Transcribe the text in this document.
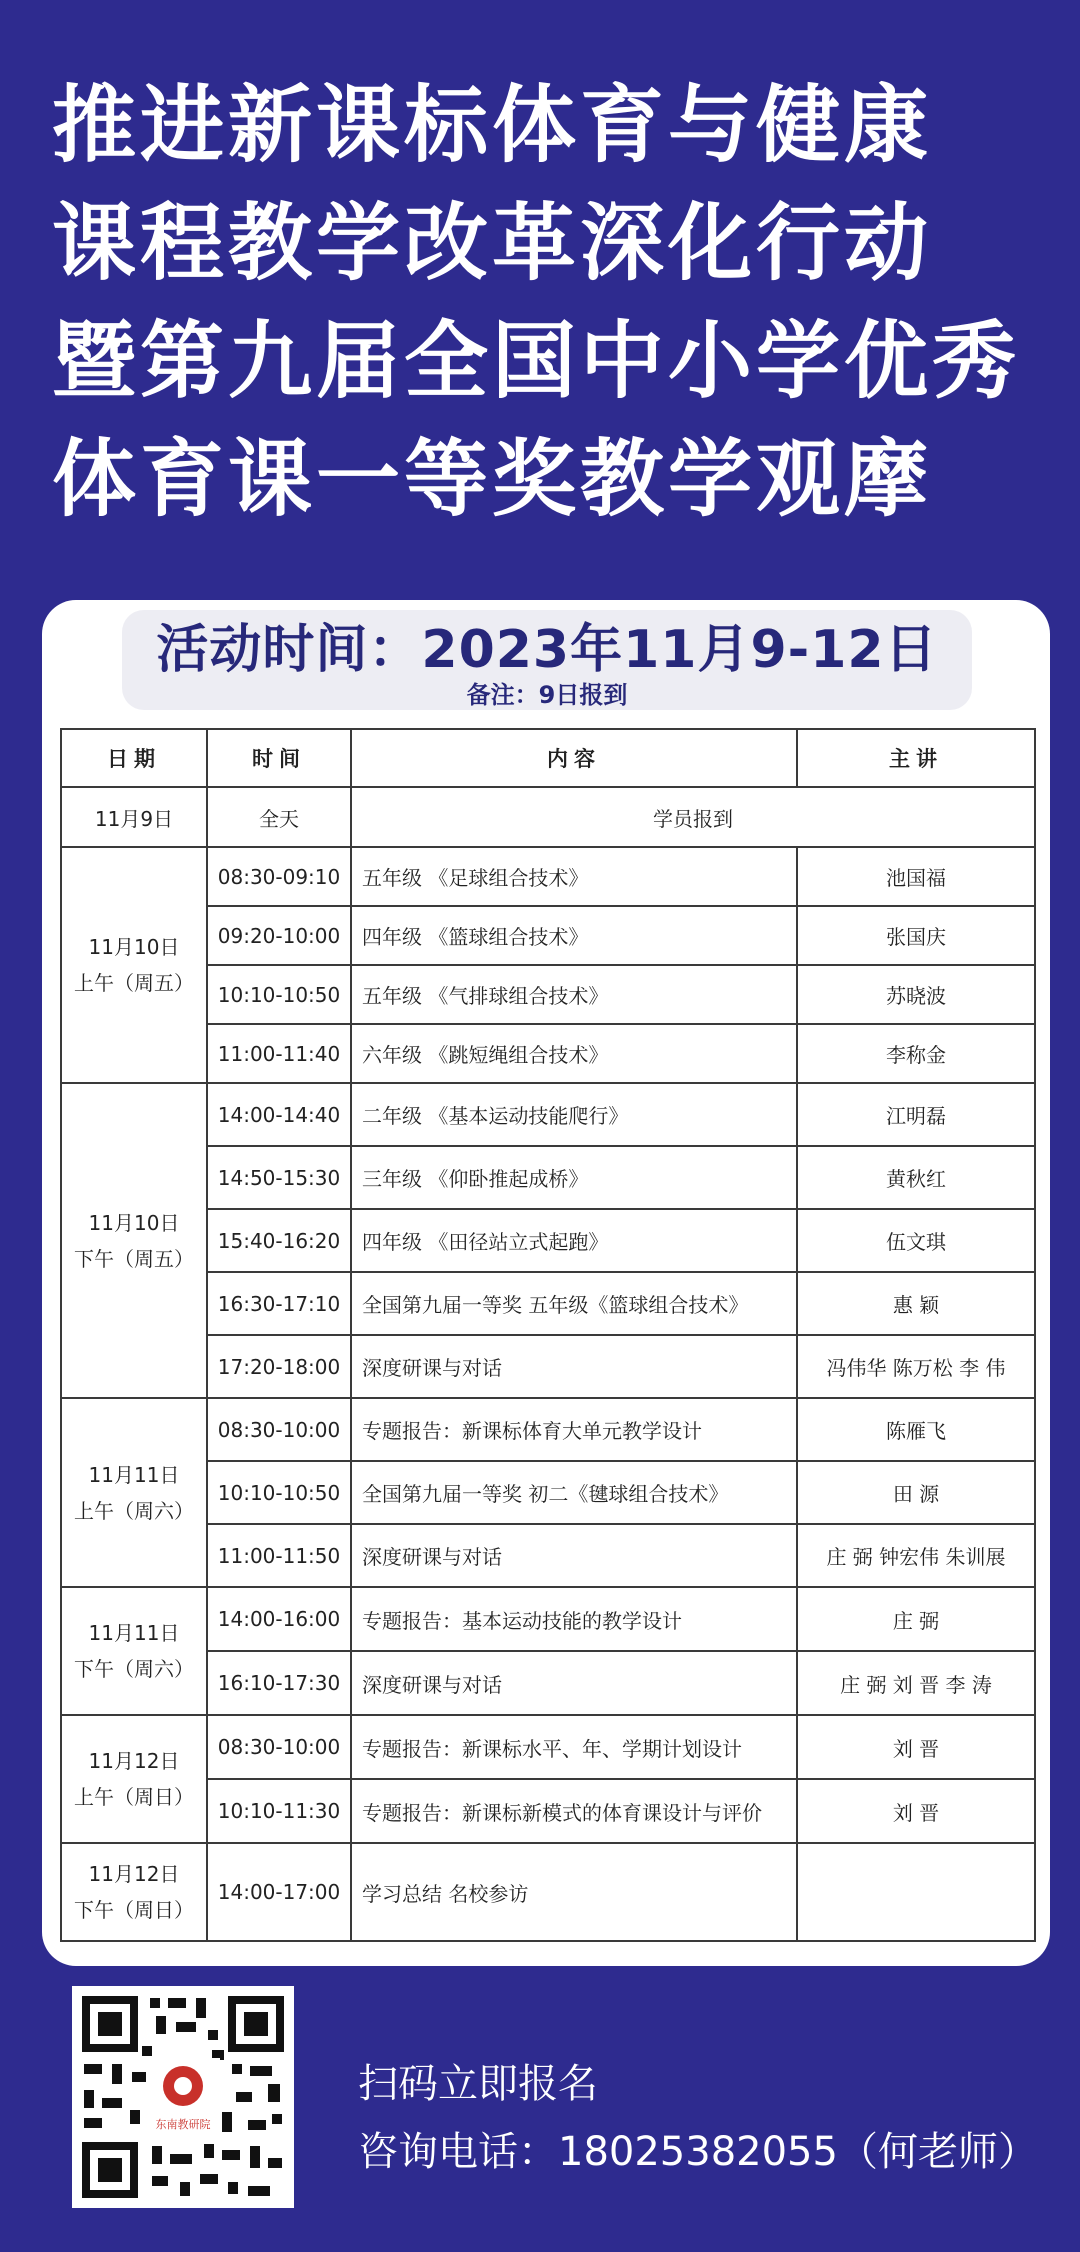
推进新课标体育与健康
课程教学改革深化行动
暨第九届全国中小学优秀
体育课一等奖教学观摩
活动时间：2023年11月9-12日
备注：9日报到
日期	时间	内容	主讲
11月9日	全天	学员报到	

11月10日
上午（周五）	08:30-09:10	五年级 《足球组合技术》	池国福
	09:20-10:00	四年级 《篮球组合技术》	张国庆
	10:10-10:50	五年级 《气排球组合技术》	苏晓波
	11:00-11:40	六年级 《跳短绳组合技术》	李称金

11月10日
下午（周五）	14:00-14:40	二年级 《基本运动技能爬行》	江明磊
	14:50-15:30	三年级 《仰卧推起成桥》	黄秋红
	15:40-16:20	四年级 《田径站立式起跑》	伍文琪
	16:30-17:10	全国第九届一等奖 五年级《篮球组合技术》	惠 颖
	17:20-18:00	深度研课与对话	冯伟华 陈万松 李 伟

11月11日
上午（周六）	08:30-10:00	专题报告：新课标体育大单元教学设计	陈雁飞
	10:10-10:50	全国第九届一等奖 初二《毽球组合技术》	田 源
	11:00-11:50	深度研课与对话	庄 弼 钟宏伟 朱训展

11月11日
下午（周六）	14:00-16:00	专题报告：基本运动技能的教学设计	庄 弼
	16:10-17:30	深度研课与对话	庄 弼 刘 晋 李 涛

11月12日
上午（周日）	08:30-10:00	专题报告：新课标水平、年、学期计划设计	刘 晋
	10:10-11:30	专题报告：新课标新模式的体育课设计与评价	刘 晋

11月12日
下午（周日）	14:00-17:00	学习总结 名校参访	
东南教研院
扫码立即报名
咨询电话：18025382055（何老师）
